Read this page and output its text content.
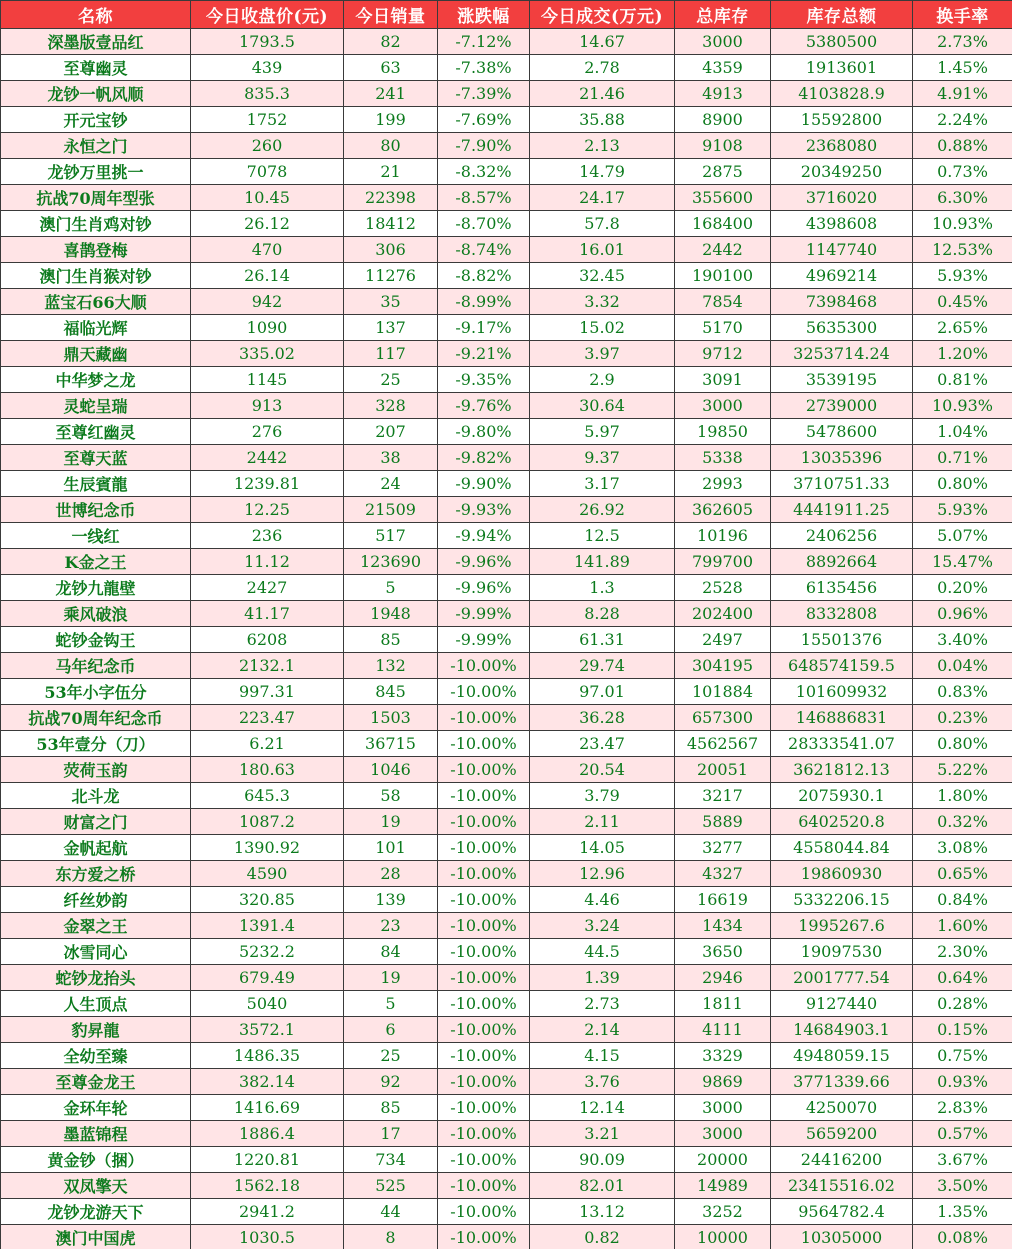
名称	今日收盘价(元)	今日销量	涨跌幅	今日成交(万元)	总库存	库存总额	换手率
深墨版壹品红	1793.5	82	-7.12%	14.67	3000	5380500	2.73%
至尊幽灵	439	63	-7.38%	2.78	4359	1913601	1.45%
龙钞一帆风顺	835.3	241	-7.39%	21.46	4913	4103828.9	4.91%
开元宝钞	1752	199	-7.69%	35.88	8900	15592800	2.24%
永恒之门	260	80	-7.90%	2.13	9108	2368080	0.88%
龙钞万里挑一	7078	21	-8.32%	14.79	2875	20349250	0.73%
抗战70周年型张	10.45	22398	-8.57%	24.17	355600	3716020	6.30%
澳门生肖鸡对钞	26.12	18412	-8.70%	57.8	168400	4398608	10.93%
喜鹊登梅	470	306	-8.74%	16.01	2442	1147740	12.53%
澳门生肖猴对钞	26.14	11276	-8.82%	32.45	190100	4969214	5.93%
蓝宝石66大顺	942	35	-8.99%	3.32	7854	7398468	0.45%
福临光辉	1090	137	-9.17%	15.02	5170	5635300	2.65%
鼎天藏幽	335.02	117	-9.21%	3.97	9712	3253714.24	1.20%
中华梦之龙	1145	25	-9.35%	2.9	3091	3539195	0.81%
灵蛇呈瑞	913	328	-9.76%	30.64	3000	2739000	10.93%
至尊红幽灵	276	207	-9.80%	5.97	19850	5478600	1.04%
至尊天蓝	2442	38	-9.82%	9.37	5338	13035396	0.71%
生辰賓龍	1239.81	24	-9.90%	3.17	2993	3710751.33	0.80%
世博纪念币	12.25	21509	-9.93%	26.92	362605	4441911.25	5.93%
一线红	236	517	-9.94%	12.5	10196	2406256	5.07%
K金之王	11.12	123690	-9.96%	141.89	799700	8892664	15.47%
龙钞九龍壁	2427	5	-9.96%	1.3	2528	6135456	0.20%
乘风破浪	41.17	1948	-9.99%	8.28	202400	8332808	0.96%
蛇钞金钩王	6208	85	-9.99%	61.31	2497	15501376	3.40%
马年纪念币	2132.1	132	-10.00%	29.74	304195	648574159.5	0.04%
53年小字伍分	997.31	845	-10.00%	97.01	101884	101609932	0.83%
抗战70周年纪念币	223.47	1503	-10.00%	36.28	657300	146886831	0.23%
53年壹分（刀）	6.21	36715	-10.00%	23.47	4562567	28333541.07	0.80%
荧荷玉韵	180.63	1046	-10.00%	20.54	20051	3621812.13	5.22%
北斗龙	645.3	58	-10.00%	3.79	3217	2075930.1	1.80%
财富之门	1087.2	19	-10.00%	2.11	5889	6402520.8	0.32%
金帆起航	1390.92	101	-10.00%	14.05	3277	4558044.84	3.08%
东方爱之桥	4590	28	-10.00%	12.96	4327	19860930	0.65%
纤丝妙韵	320.85	139	-10.00%	4.46	16619	5332206.15	0.84%
金翠之王	1391.4	23	-10.00%	3.24	1434	1995267.6	1.60%
冰雪同心	5232.2	84	-10.00%	44.5	3650	19097530	2.30%
蛇钞龙抬头	679.49	19	-10.00%	1.39	2946	2001777.54	0.64%
人生顶点	5040	5	-10.00%	2.73	1811	9127440	0.28%
豹昇龍	3572.1	6	-10.00%	2.14	4111	14684903.1	0.15%
全幼至臻	1486.35	25	-10.00%	4.15	3329	4948059.15	0.75%
至尊金龙王	382.14	92	-10.00%	3.76	9869	3771339.66	0.93%
金环年轮	1416.69	85	-10.00%	12.14	3000	4250070	2.83%
墨蓝锦程	1886.4	17	-10.00%	3.21	3000	5659200	0.57%
黄金钞（捆）	1220.81	734	-10.00%	90.09	20000	24416200	3.67%
双凤擎天	1562.18	525	-10.00%	82.01	14989	23415516.02	3.50%
龙钞龙游天下	2941.2	44	-10.00%	13.12	3252	9564782.4	1.35%
澳门中国虎	1030.5	8	-10.00%	0.82	10000	10305000	0.08%
